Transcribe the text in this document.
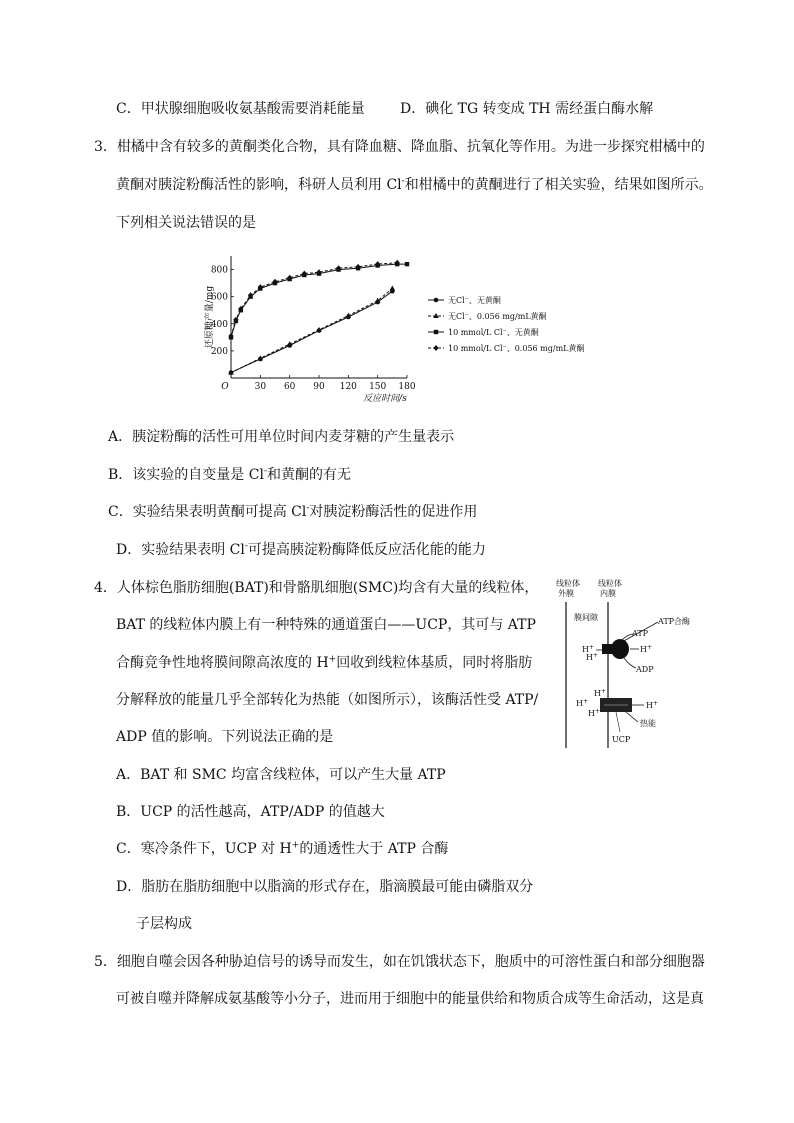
C．甲状腺细胞吸收氨基酸需要消耗能量	D．碘化 TG 转变成 TH 需经蛋白酶水解
3．柑橘中含有较多的黄酮类化合物，具有降血糖、降血脂、抗氧化等作用。为进一步探究柑橘中的
黄酮对胰淀粉酶活性的影响，科研人员利用 Cl-和柑橘中的黄酮进行了相关实验，结果如图所示。
下列相关说法错误的是
O	30 60 90 120 150 180
200
400
600
800
还原糖产量/mg
反应时间/s
无Cl⁻、无黄酮
无Cl⁻、0.056 mg/mL黄酮
10 mmol/L Cl⁻、无黄酮
10 mmol/L Cl⁻、0.056 mg/mL黄酮
A．胰淀粉酶的活性可用单位时间内麦芽糖的产生量表示
B．该实验的自变量是 Cl-和黄酮的有无
C．实验结果表明黄酮可提高 Cl-对胰淀粉酶活性的促进作用
D．实验结果表明 Cl-可提高胰淀粉酶降低反应活化能的能力
4．人体棕色脂肪细胞(BAT)和骨骼肌细胞(SMC)均含有大量的线粒体，
BAT 的线粒体内膜上有一种特殊的通道蛋白——UCP，其可与 ATP
合酶竞争性地将膜间隙高浓度的 H+回收到线粒体基质，同时将脂肪
分解释放的能量几乎全部转化为热能（如图所示），该酶活性受 ATP/
ADP 值的影响。下列说法正确的是
线粒体
外膜
线粒体
内膜
膜间隙	ATP合酶
ATP
ADP
H+
H+
H+
H+
H+
H+
H+
热能
UCP
A．BAT 和 SMC 均富含线粒体，可以产生大量 ATP
B．UCP 的活性越高，ATP/ADP 的值越大
C．寒冷条件下，UCP 对 H+的通透性大于 ATP 合酶
D．脂肪在脂肪细胞中以脂滴的形式存在，脂滴膜最可能由磷脂双分
子层构成
5．细胞自噬会因各种胁迫信号的诱导而发生，如在饥饿状态下，胞质中的可溶性蛋白和部分细胞器
可被自噬并降解成氨基酸等小分子，进而用于细胞中的能量供给和物质合成等生命活动，这是真
